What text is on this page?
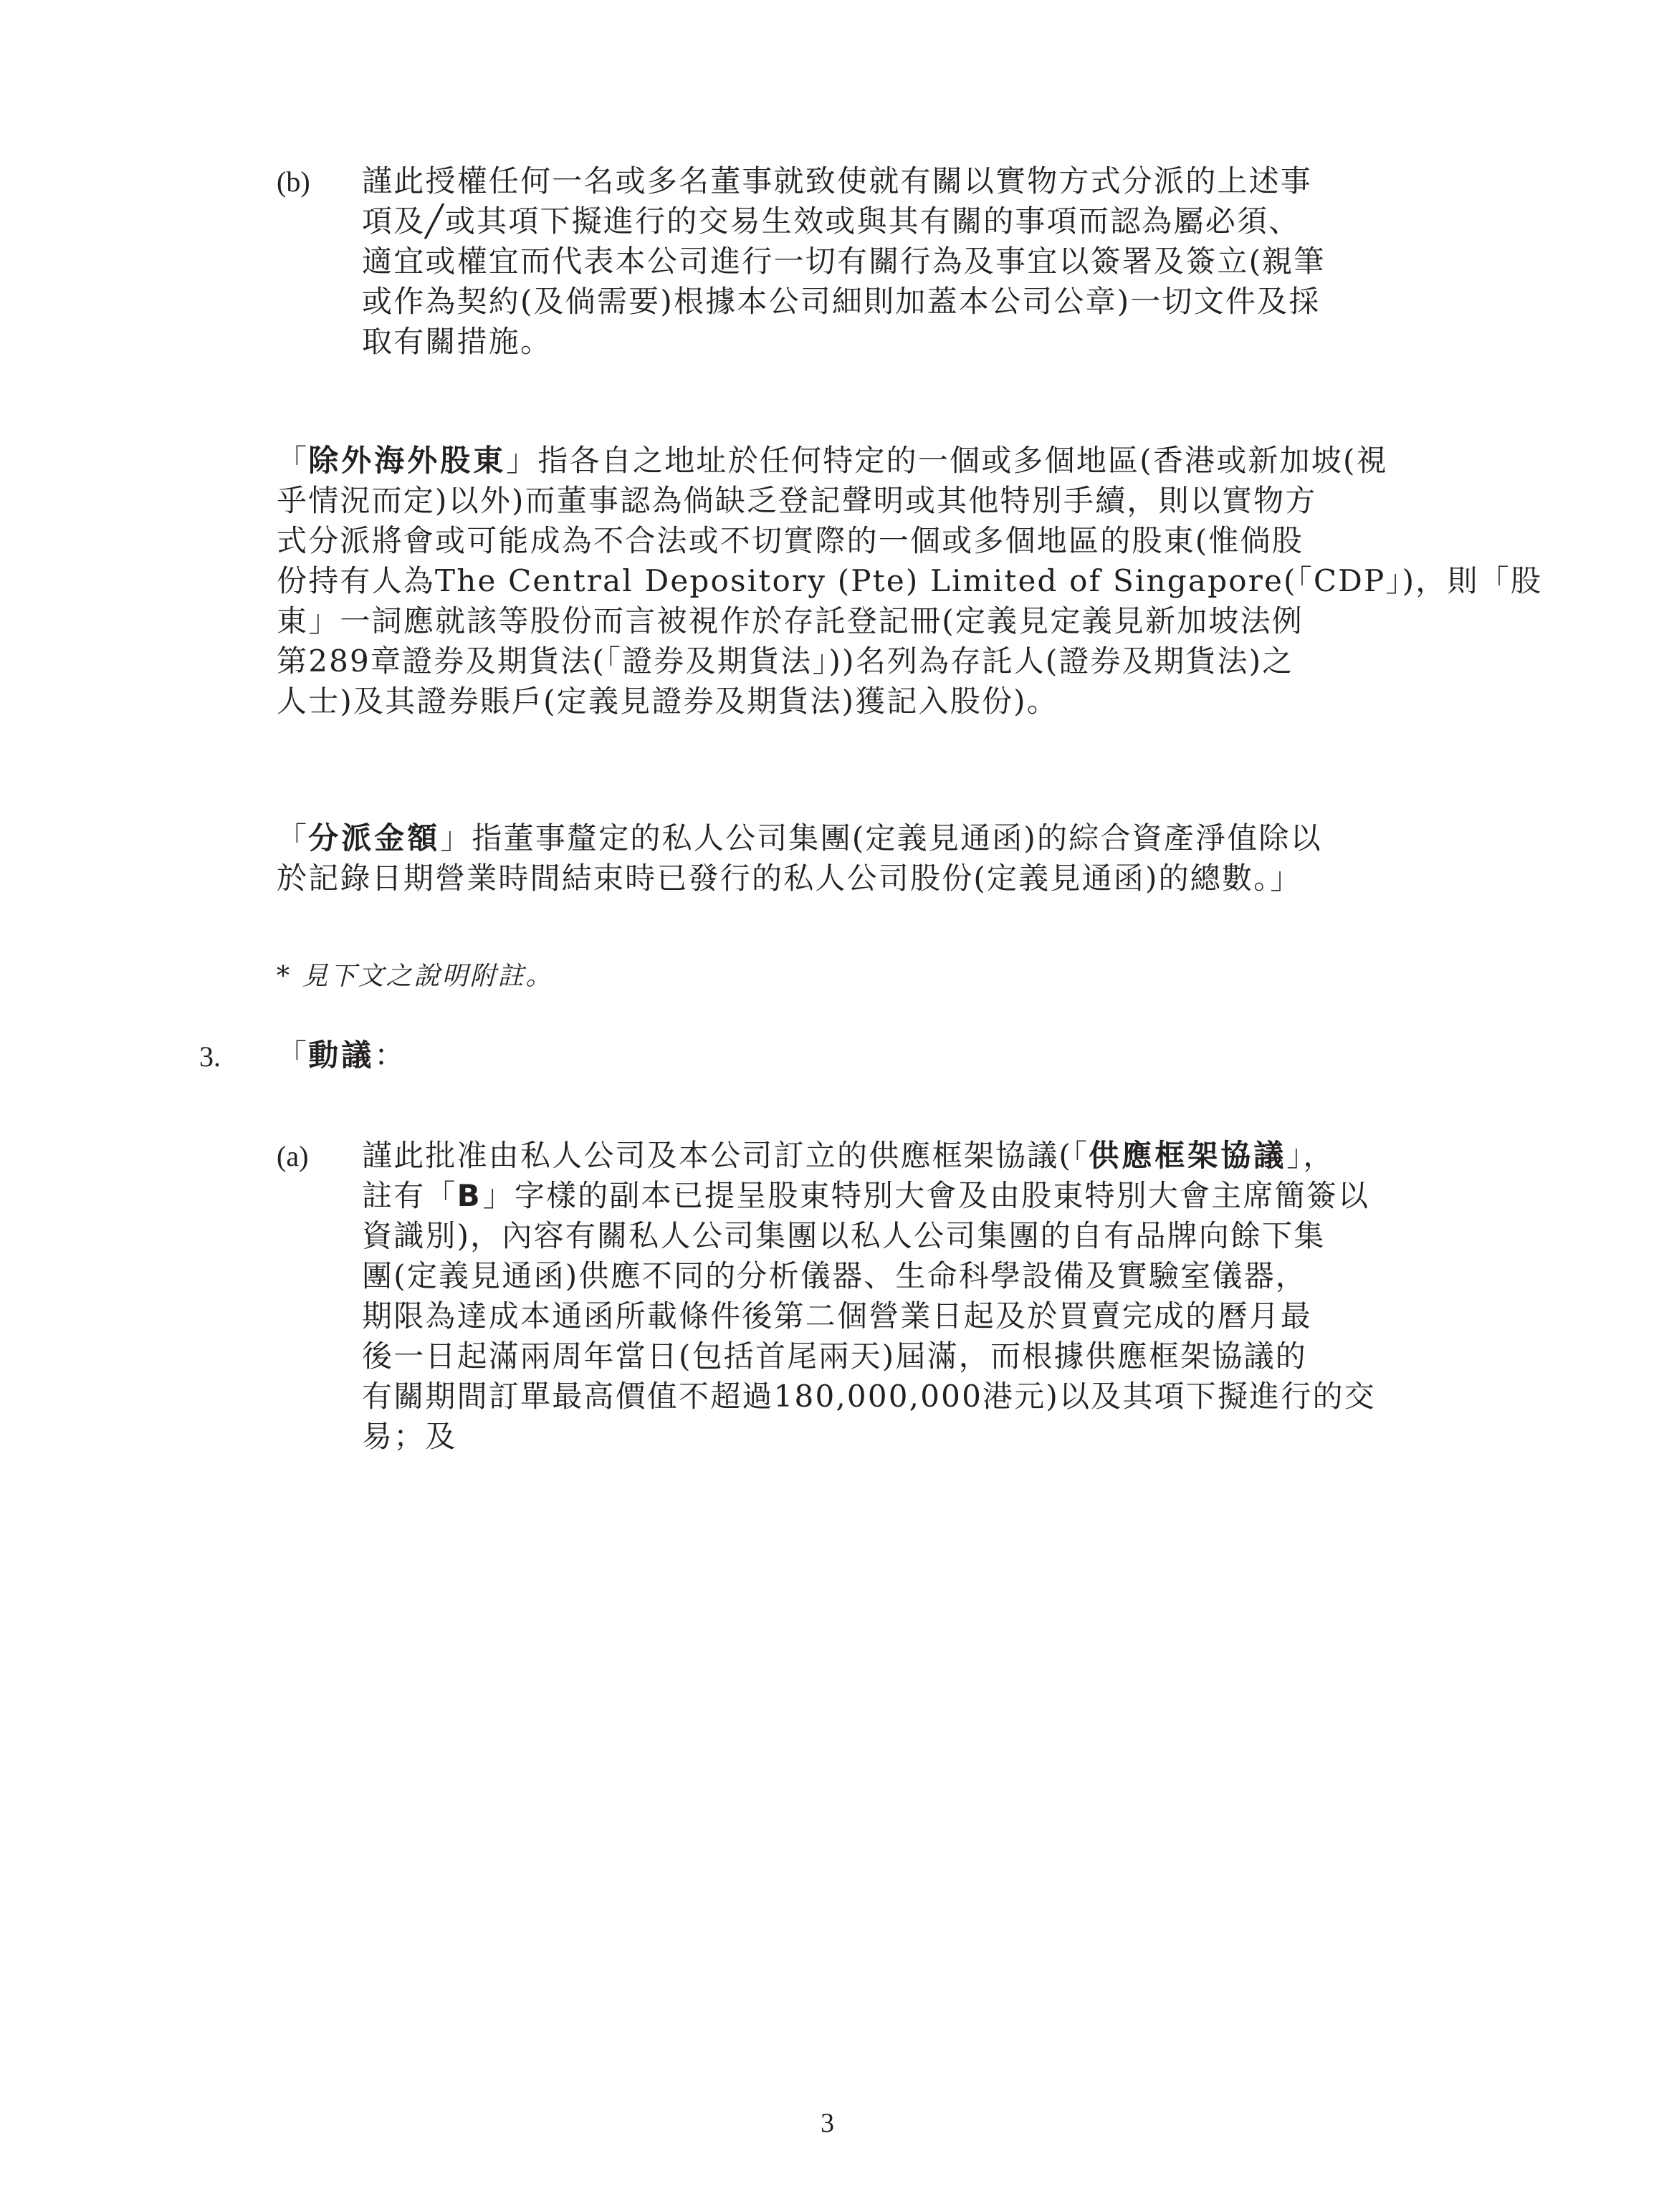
(b) 謹此授權任何一名或多名董事就致使就有關以實物方式分派的上述事
項及╱或其項下擬進行的交易生效或與其有關的事項而認為屬必須、
適宜或權宜而代表本公司進行一切有關行為及事宜以簽署及簽立(親筆
或作為契約(及倘需要)根據本公司細則加蓋本公司公章)一切文件及採
取有關措施。
「除外海外股東」指各自之地址於任何特定的一個或多個地區(香港或新加坡(視
乎情況而定)以外)而董事認為倘缺乏登記聲明或其他特別手續，則以實物方
式分派將會或可能成為不合法或不切實際的一個或多個地區的股東(惟倘股
份持有人為The Central Depository (Pte) Limited of Singapore(「CDP」)，則「股
東」一詞應就該等股份而言被視作於存託登記冊(定義見定義見新加坡法例
第289章證券及期貨法(「證券及期貨法」))名列為存託人(證券及期貨法)之
人士)及其證券賬戶(定義見證券及期貨法)獲記入股份)。
「分派金額」指董事釐定的私人公司集團(定義見通函)的綜合資產淨值除以
於記錄日期營業時間結束時已發行的私人公司股份(定義見通函)的總數。」
* 見下文之說明附註。
3. 「動議：
(a) 謹此批准由私人公司及本公司訂立的供應框架協議(「供應框架協議」，
註有「B」字樣的副本已提呈股東特別大會及由股東特別大會主席簡簽以
資識別)，內容有關私人公司集團以私人公司集團的自有品牌向餘下集
團(定義見通函)供應不同的分析儀器、生命科學設備及實驗室儀器，
期限為達成本通函所載條件後第二個營業日起及於買賣完成的曆月最
後一日起滿兩周年當日(包括首尾兩天)屆滿，而根據供應框架協議的
有關期間訂單最高價值不超過180,000,000港元)以及其項下擬進行的交
易；及
3
